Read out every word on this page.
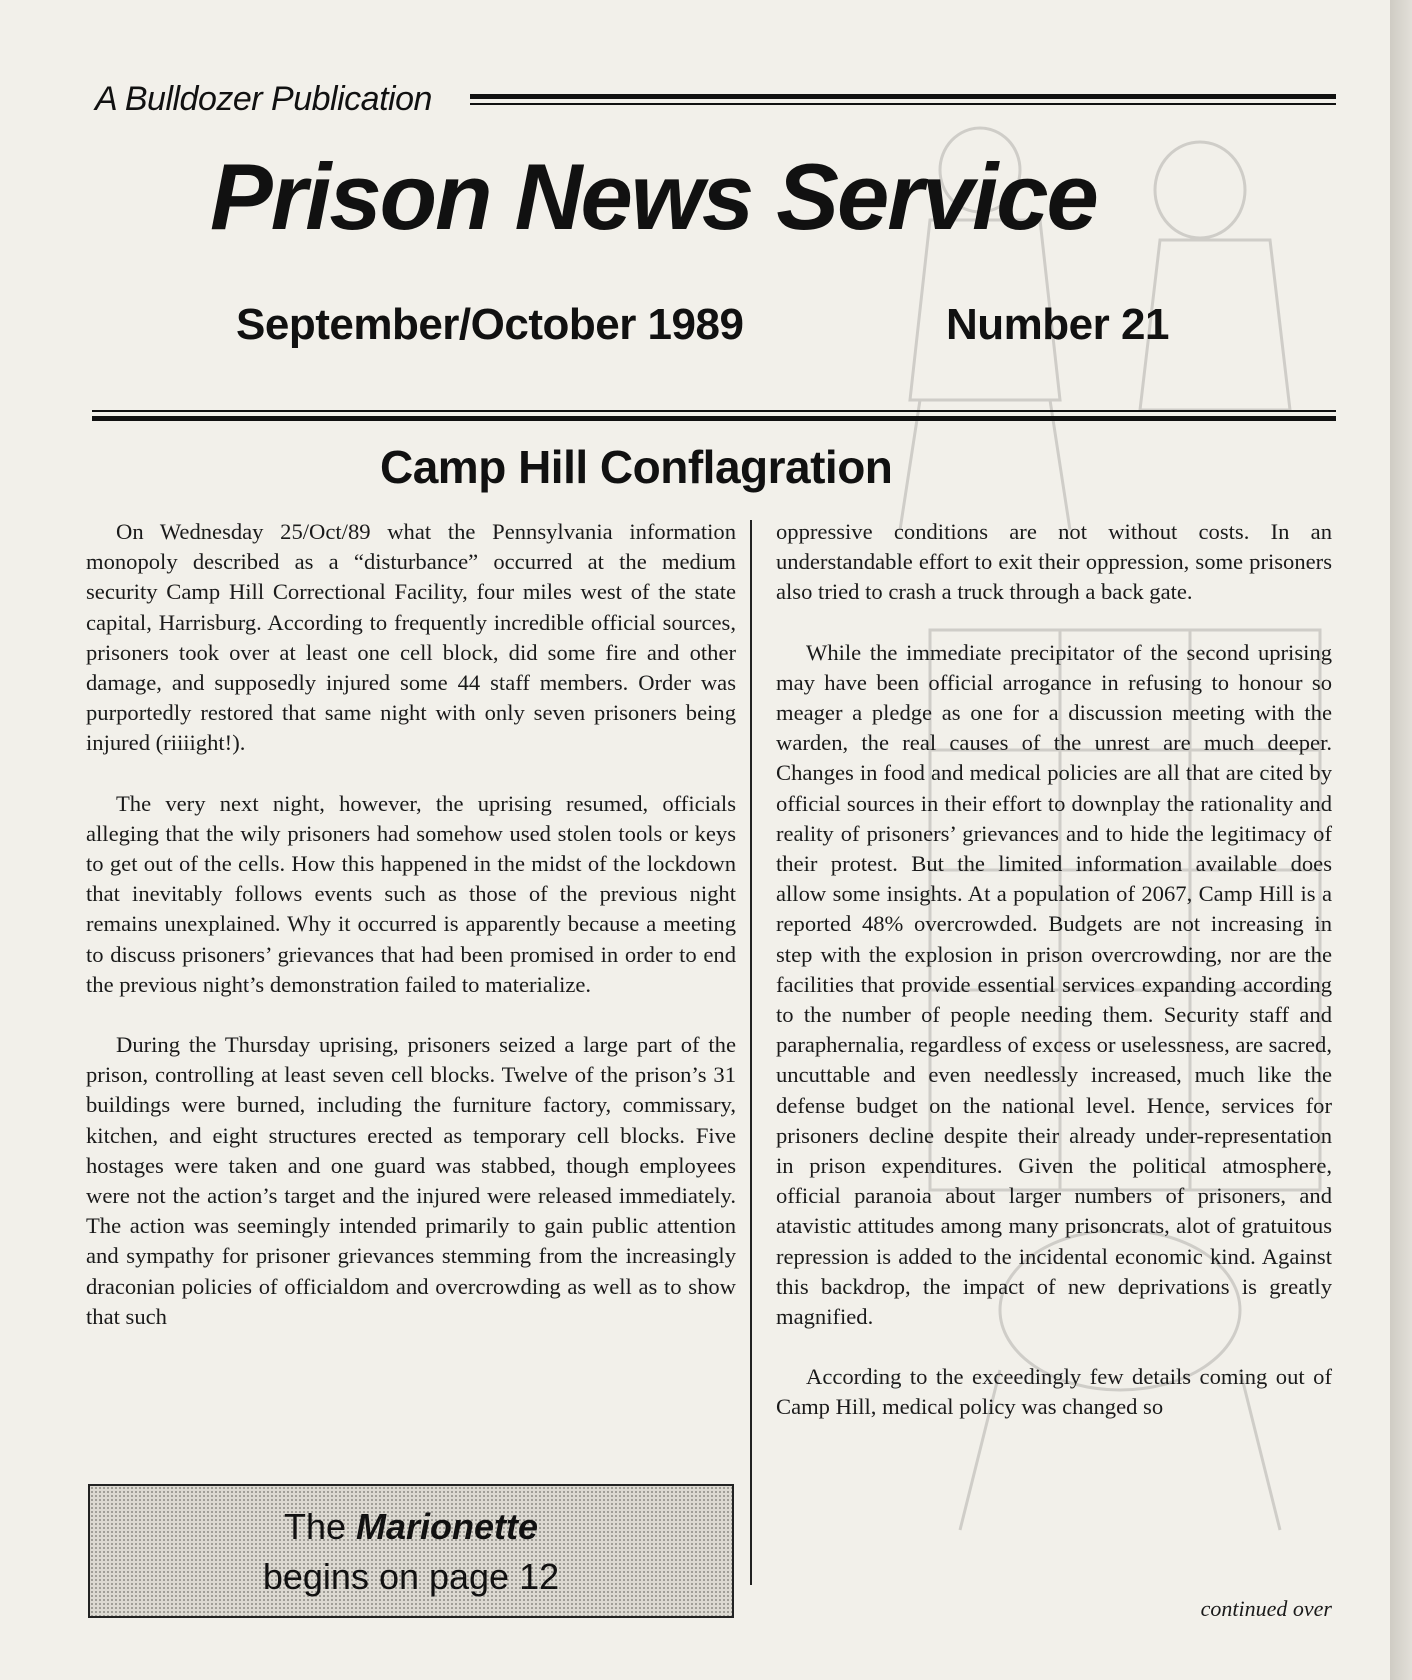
A Bulldozer Publication
Prison News Service
September/October 1989	Number 21
Camp Hill Conflagration

On Wednesday 25/Oct/89 what the Pennsylvania information monopoly described as a “disturbance” occurred at the medium security Camp Hill Correctional Facility, four miles west of the state capital, Harrisburg. According to frequently incredible official sources, prisoners took over at least one cell block, did some fire and other damage, and supposedly injured some 44 staff members. Order was purportedly restored that same night with only seven prisoners being injured (riiiight!).

The very next night, however, the uprising resumed, officials alleging that the wily prisoners had somehow used stolen tools or keys to get out of the cells. How this happened in the midst of the lockdown that inevitably follows events such as those of the previous night remains unexplained. Why it occurred is apparently because a meeting to discuss prisoners’ grievances that had been promised in order to end the previous night’s demonstration failed to materialize.

During the Thursday uprising, prisoners seized a large part of the prison, controlling at least seven cell blocks. Twelve of the prison’s 31 buildings were burned, including the furniture factory, commissary, kitchen, and eight structures erected as temporary cell blocks. Five hostages were taken and one guard was stabbed, though employees were not the action’s target and the injured were released immediately. The action was seemingly intended primarily to gain public attention and sympathy for prisoner grievances stemming from the increasingly draconian policies of officialdom and overcrowding as well as to show that such

oppressive conditions are not without costs. In an understandable effort to exit their oppression, some prisoners also tried to crash a truck through a back gate.

While the immediate precipitator of the second uprising may have been official arrogance in refusing to honour so meager a pledge as one for a discussion meeting with the warden, the real causes of the unrest are much deeper. Changes in food and medical policies are all that are cited by official sources in their effort to downplay the rationality and reality of prisoners’ grievances and to hide the legitimacy of their protest. But the limited information available does allow some insights. At a population of 2067, Camp Hill is a reported 48% overcrowded. Budgets are not increasing in step with the explosion in prison overcrowding, nor are the facilities that provide essential services expanding according to the number of people needing them. Security staff and paraphernalia, regardless of excess or uselessness, are sacred, uncuttable and even needlessly increased, much like the defense budget on the national level. Hence, services for prisoners decline despite their already under-representation in prison expenditures. Given the political atmosphere, official paranoia about larger numbers of prisoners, and atavistic attitudes among many prisoncrats, alot of gratuitous repression is added to the incidental economic kind. Against this backdrop, the impact of new deprivations is greatly magnified.

According to the exceedingly few details coming out of Camp Hill, medical policy was changed so

continued over
The Marionette
begins on page 12
